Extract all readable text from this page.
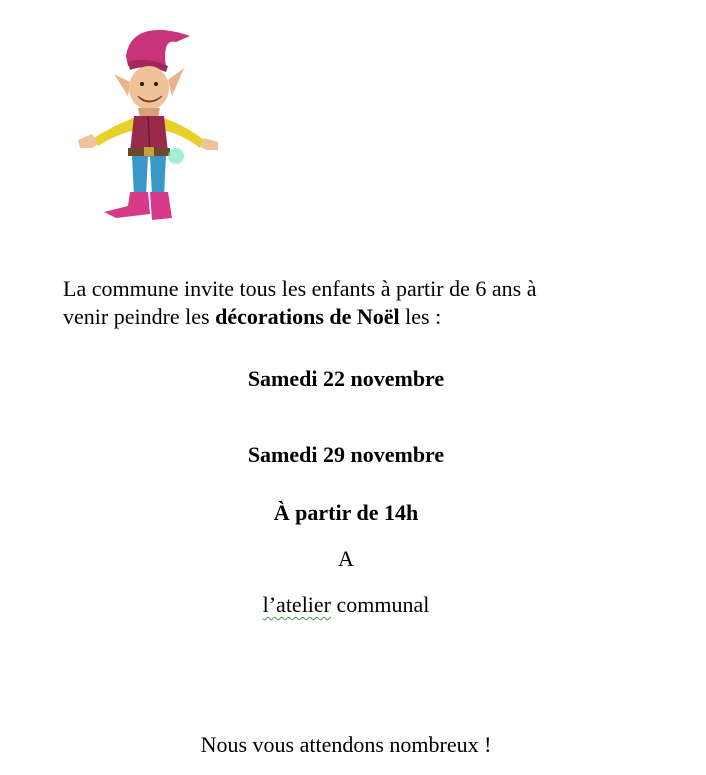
La commune invite tous les enfants à partir de 6 ans à
venir peindre les décorations de Noël les :
Samedi 22 novembre
Samedi 29 novembre
À partir de 14h
A
l’atelier communal
Nous vous attendons nombreux !
